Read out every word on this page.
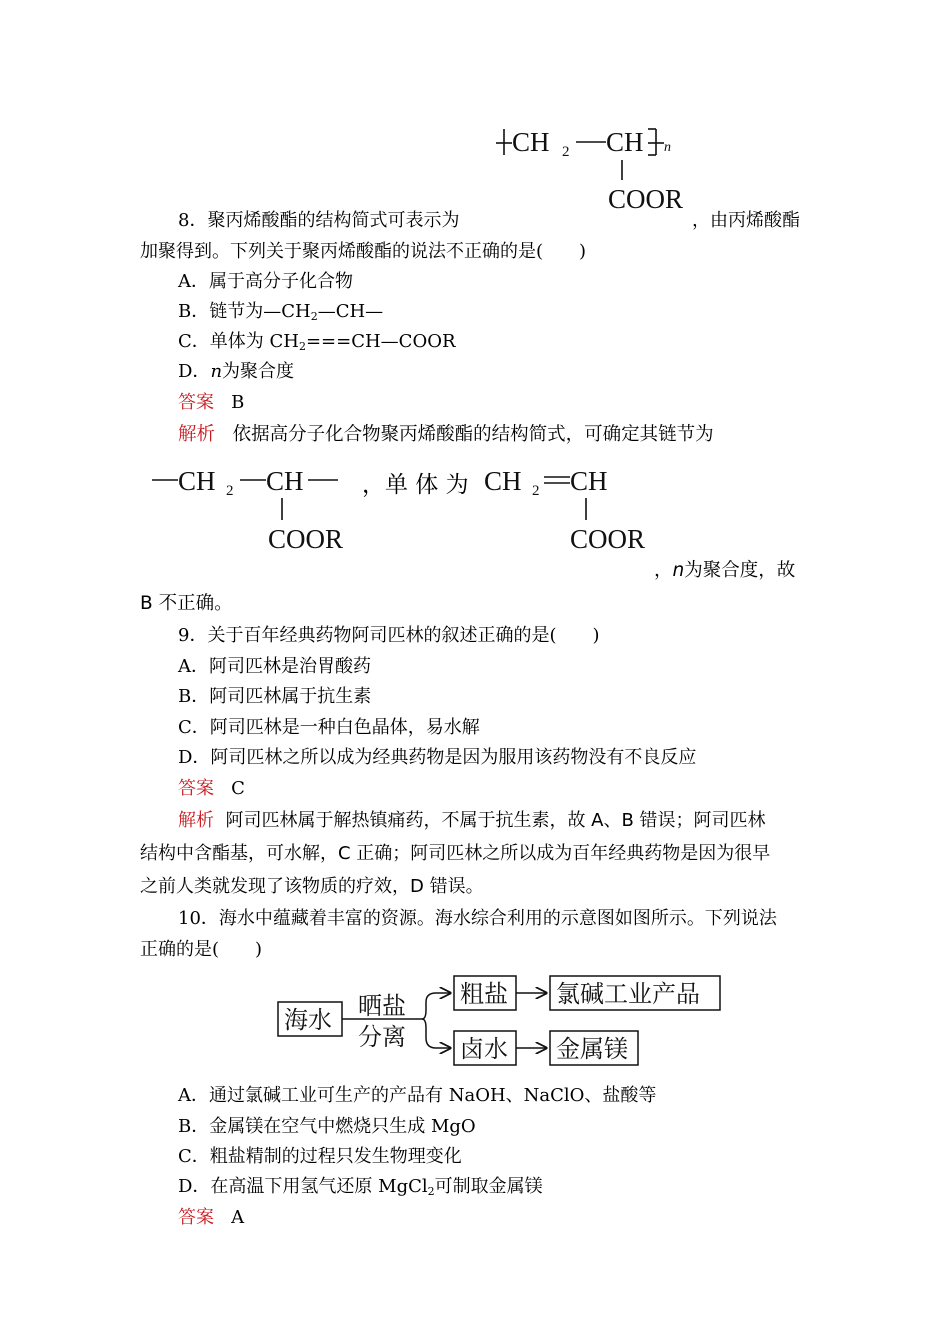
CH 2 CH n
COOR
8．聚丙烯酸酯的结构简式可表示为	，由丙烯酸酯
加聚得到。下列关于聚丙烯酸酯的说法不正确的是(　　)
A．属于高分子化合物
B．链节为$—CH_2—CH—$
C．单体为 $CH_2===CH—COOR$
D．n为聚合度
答案 B
解析 依据高分子化合物聚丙烯酸酯的结构简式，可确定其链节为
CH 2 CH
COOR
，单 体 为 CH 2 CH
COOR
，n为聚合度，故
B 不正确。
9．关于百年经典药物阿司匹林的叙述正确的是(　　)
A．阿司匹林是治胃酸药
B．阿司匹林属于抗生素
C．阿司匹林是一种白色晶体，易水解
D．阿司匹林之所以成为经典药物是因为服用该药物没有不良反应
答案 C
解析 阿司匹林属于解热镇痛药，不属于抗生素，故 A、B 错误；阿司匹林
结构中含酯基，可水解，C 正确；阿司匹林之所以成为百年经典药物是因为很早
之前人类就发现了该物质的疗效，D 错误。
10．海水中蕴藏着丰富的资源。海水综合利用的示意图如图所示。下列说法
正确的是(　　)
海水 晒盐
分离
粗盐 氯碱工业产品
卤水 金属镁
A．通过氯碱工业可生产的产品有 NaOH、NaClO、盐酸等
B．金属镁在空气中燃烧只生成 MgO
C．粗盐精制的过程只发生物理变化
D．在高温下用氢气还原 MgCl$_2$可制取金属镁
答案 A
